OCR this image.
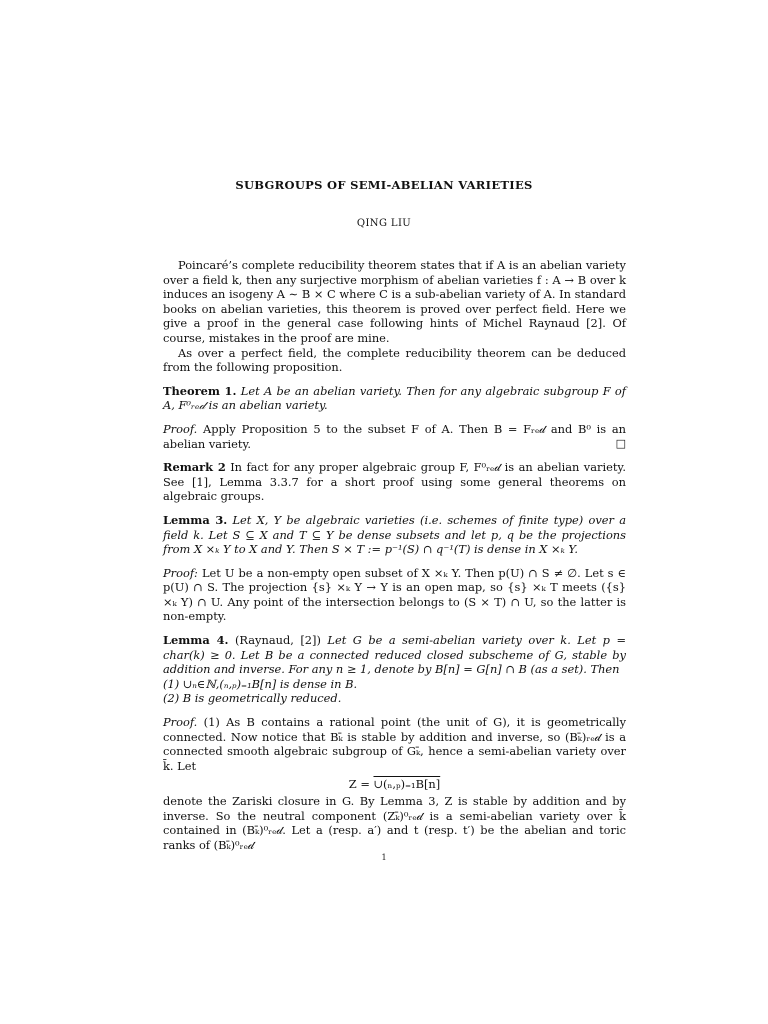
SUBGROUPS OF SEMI-ABELIAN VARIETIES
QING LIU

Poincaré’s complete reducibility theorem states that if A is an abelian variety over a field k, then any surjective morphism of abelian varieties f : A → B over k induces an isogeny A ∼ B × C where C is a sub-abelian variety of A. In standard books on abelian varieties, this theorem is proved over perfect field. Here we give a proof in the general case following hints of Michel Raynaud [2]. Of course, mistakes in the proof are mine.

As over a perfect field, the complete reducibility theorem can be deduced from the following proposition.

Theorem 1. Let A be an abelian variety. Then for any algebraic subgroup F of A, F⁰ᵣₑ𝒹 is an abelian variety.

Proof. Apply Proposition 5 to the subset F of A. Then B = Fᵣₑ𝒹 and B⁰ is an abelian variety.	□

Remark 2 In fact for any proper algebraic group F, F⁰ᵣₑ𝒹 is an abelian variety. See [1], Lemma 3.3.7 for a short proof using some general theorems on algebraic groups.

Lemma 3. Let X, Y be algebraic varieties (i.e. schemes of finite type) over a field k. Let S ⊆ X and T ⊆ Y be dense subsets and let p, q be the projections from X ×ₖ Y to X and Y. Then S × T := p⁻¹(S) ∩ q⁻¹(T) is dense in X ×ₖ Y.

Proof: Let U be a non-empty open subset of X ×ₖ Y. Then p(U) ∩ S ≠ ∅. Let s ∈ p(U) ∩ S. The projection {s} ×ₖ Y → Y is an open map, so {s} ×ₖ T meets ({s} ×ₖ Y) ∩ U. Any point of the intersection belongs to (S × T) ∩ U, so the latter is non-empty.

Lemma 4. (Raynaud, [2]) Let G be a semi-abelian variety over k. Let p = char(k) ≥ 0. Let B be a connected reduced closed subscheme of G, stable by addition and inverse. For any n ≥ 1, denote by B[n] = G[n] ∩ B (as a set). Then

(1) ∪ₙ∈ℕ,(ₙ,ₚ)₌₁B[n] is dense in B.

(2) B is geometrically reduced.

Proof. (1) As B contains a rational point (the unit of G), it is geometrically connected. Now notice that Bₖ̄ is stable by addition and inverse, so (Bₖ̄)ᵣₑ𝒹 is a connected smooth algebraic subgroup of Gₖ̄, hence a semi-abelian variety over k̄. Let

Z = ∪(ₙ,ₚ)₌₁B[n]

denote the Zariski closure in G. By Lemma 3, Z is stable by addition and by inverse. So the neutral component (Zₖ̄)⁰ᵣₑ𝒹 is a semi-abelian variety over k̄ contained in (Bₖ̄)⁰ᵣₑ𝒹. Let a (resp. a′) and t (resp. t′) be the abelian and toric ranks of (Bₖ̄)⁰ᵣₑ𝒹

1
